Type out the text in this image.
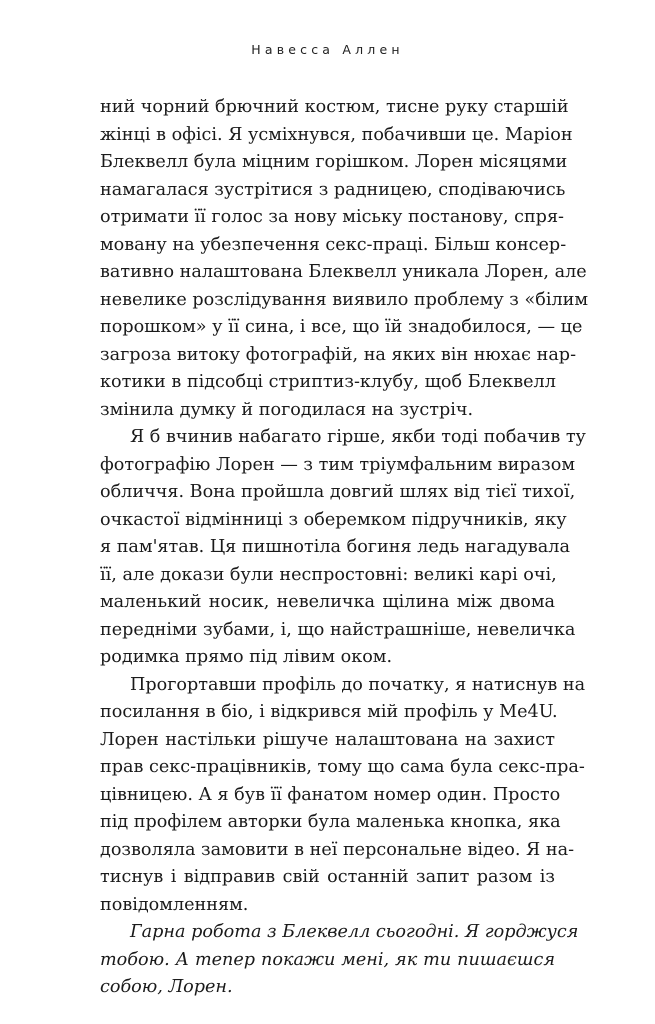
Навесса Аллен

ний чорний брючний костюм, тисне руку старшій
жінці в офісі. Я усміхнувся, побачивши це. Маріон
Блеквелл була міцним горішком. Лорен місяцями
намагалася зустрітися з радницею, сподіваючись
отримати її голос за нову міську постанову, спря-
мовану на убезпечення секс-праці. Більш консер-
вативно налаштована Блеквелл уникала Лорен, але
невелике розслідування виявило проблему з «білим
порошком» у її сина, і все, що їй знадобилося, — це
загроза витоку фотографій, на яких він нюхає нар-
котики в підсобці стриптиз-клубу, щоб Блеквелл
змінила думку й погодилася на зустріч.

Я б вчинив набагато гірше, якби тоді побачив ту
фотографію Лорен — з тим тріумфальним виразом
обличчя. Вона пройшла довгий шлях від тієї тихої,
очкастої відмінниці з оберемком підручників, яку
я пам'ятав. Ця пишнотіла богиня ледь нагадувала
її, але докази були неспростовні: великі карі очі,
маленький носик, невеличка щілина між двома
передніми зубами, і, що найстрашніше, невеличка
родимка прямо під лівим оком.

Прогортавши профіль до початку, я натиснув на
посилання в біо, і відкрився мій профіль у Me4U.
Лорен настільки рішуче налаштована на захист
прав секс-працівників, тому що сама була секс-пра-
цівницею. А я був її фанатом номер один. Просто
під профілем авторки була маленька кнопка, яка
дозволяла замовити в неї персональне відео. Я на-
тиснув і відправив свій останній запит разом із
повідомленням.

Гарна робота з Блеквелл сьогодні. Я горджуся
тобою. А тепер покажи мені, як ти пишаєшся
собою, Лорен.
